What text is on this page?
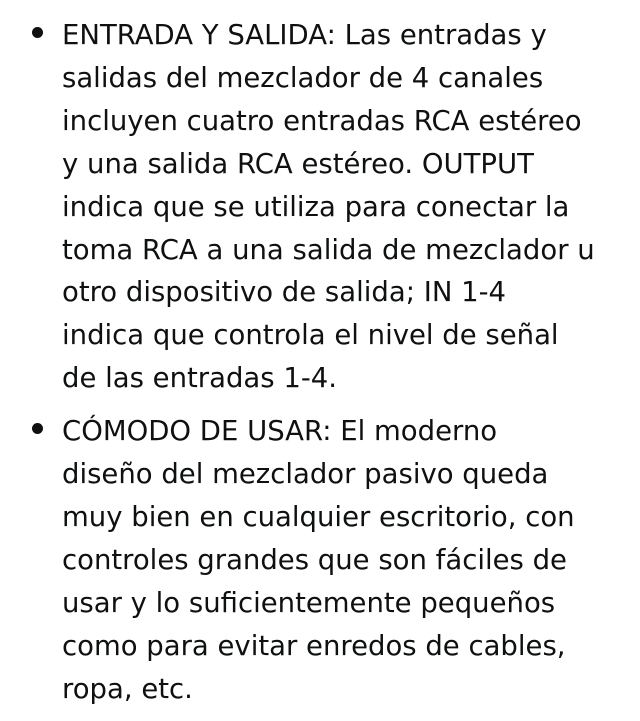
ENTRADA Y SALIDA: Las entradas y
salidas del mezclador de 4 canales
incluyen cuatro entradas RCA estéreo
y una salida RCA estéreo. OUTPUT
indica que se utiliza para conectar la
toma RCA a una salida de mezclador u
otro dispositivo de salida; IN 1-4
indica que controla el nivel de señal
de las entradas 1-4.
CÓMODO DE USAR: El moderno
diseño del mezclador pasivo queda
muy bien en cualquier escritorio, con
controles grandes que son fáciles de
usar y lo suficientemente pequeños
como para evitar enredos de cables,
ropa, etc.
